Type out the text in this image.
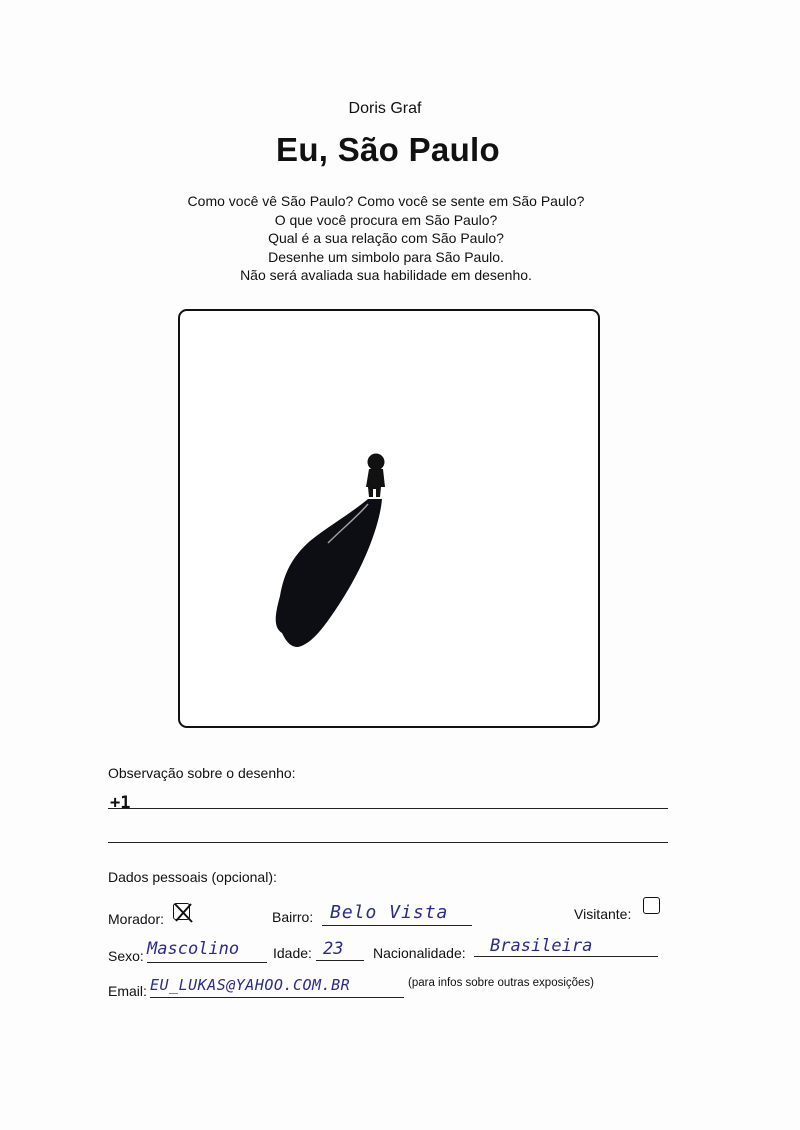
Doris Graf
Eu, São Paulo
Como você vê São Paulo? Como você se sente em São Paulo?
O que você procura em São Paulo?
Qual é a sua relação com São Paulo?
Desenhe um simbolo para São Paulo.
Não será avaliada sua habilidade em desenho.
Observação sobre o desenho:
+1
Dados pessoais (opcional):
Morador:	Bairro: Belo Vista	Visitante:
Sexo: Mascolino Idade: 23 Nacionalidade: Brasileira
Email: EU_LUKAS@YAHOO.COM.BR	(para infos sobre outras exposições)
